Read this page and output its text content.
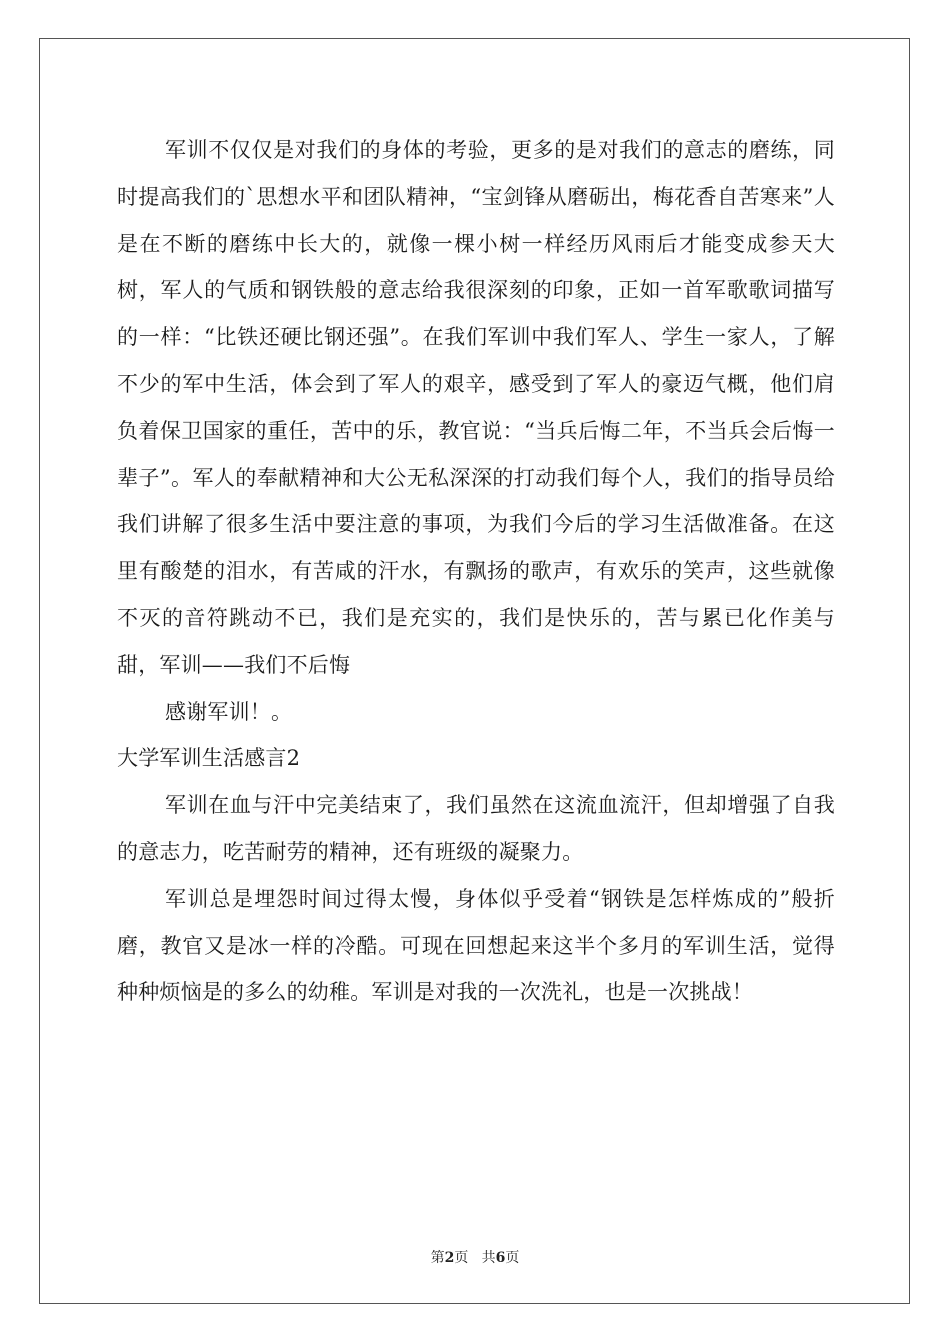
军训不仅仅是对我们的身体的考验，更多的是对我们的意志的磨练，同时提高我们的`思想水平和团队精神，“宝剑锋从磨砺出，梅花香自苦寒来”人是在不断的磨练中长大的，就像一棵小树一样经历风雨后才能变成参天大树，军人的气质和钢铁般的意志给我很深刻的印象，正如一首军歌歌词描写的一样：“比铁还硬比钢还强”。在我们军训中我们军人、学生一家人，了解不少的军中生活，体会到了军人的艰辛，感受到了军人的豪迈气概，他们肩负着保卫国家的重任，苦中的乐，教官说：“当兵后悔二年，不当兵会后悔一辈子”。军人的奉献精神和大公无私深深的打动我们每个人，我们的指导员给我们讲解了很多生活中要注意的事项，为我们今后的学习生活做准备。在这里有酸楚的泪水，有苦咸的汗水，有飘扬的歌声，有欢乐的笑声，这些就像不灭的音符跳动不已，我们是充实的，我们是快乐的，苦与累已化作美与甜，军训——我们不后悔

感谢军训！。

大学军训生活感言2

军训在血与汗中完美结束了，我们虽然在这流血流汗，但却增强了自我的意志力，吃苦耐劳的精神，还有班级的凝聚力。

军训总是埋怨时间过得太慢，身体似乎受着“钢铁是怎样炼成的”般折磨，教官又是冰一样的冷酷。可现在回想起来这半个多月的军训生活，觉得种种烦恼是的多么的幼稚。军训是对我的一次洗礼，也是一次挑战！

第2页 共6页
